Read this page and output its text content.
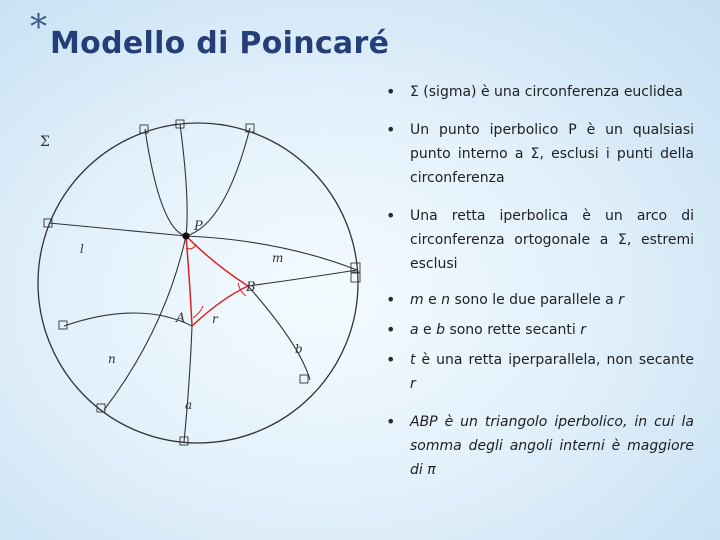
* Modello di Poincaré
Σ
P
m
l
B
A r
n
b
a
• Σ (sigma) è una circonferenza euclidea
• Un punto iperbolico P è un qualsiasi punto interno a Σ, esclusi i punti della circonferenza
• Una retta iperbolica è un arco di circonferenza ortogonale a Σ, estremi esclusi
• m e n sono le due parallele a r
• a e b sono rette secanti r
• t è una retta iperparallela, non secante r
• ABP è un triangolo iperbolico, in cui la somma degli angoli interni è maggiore di π
